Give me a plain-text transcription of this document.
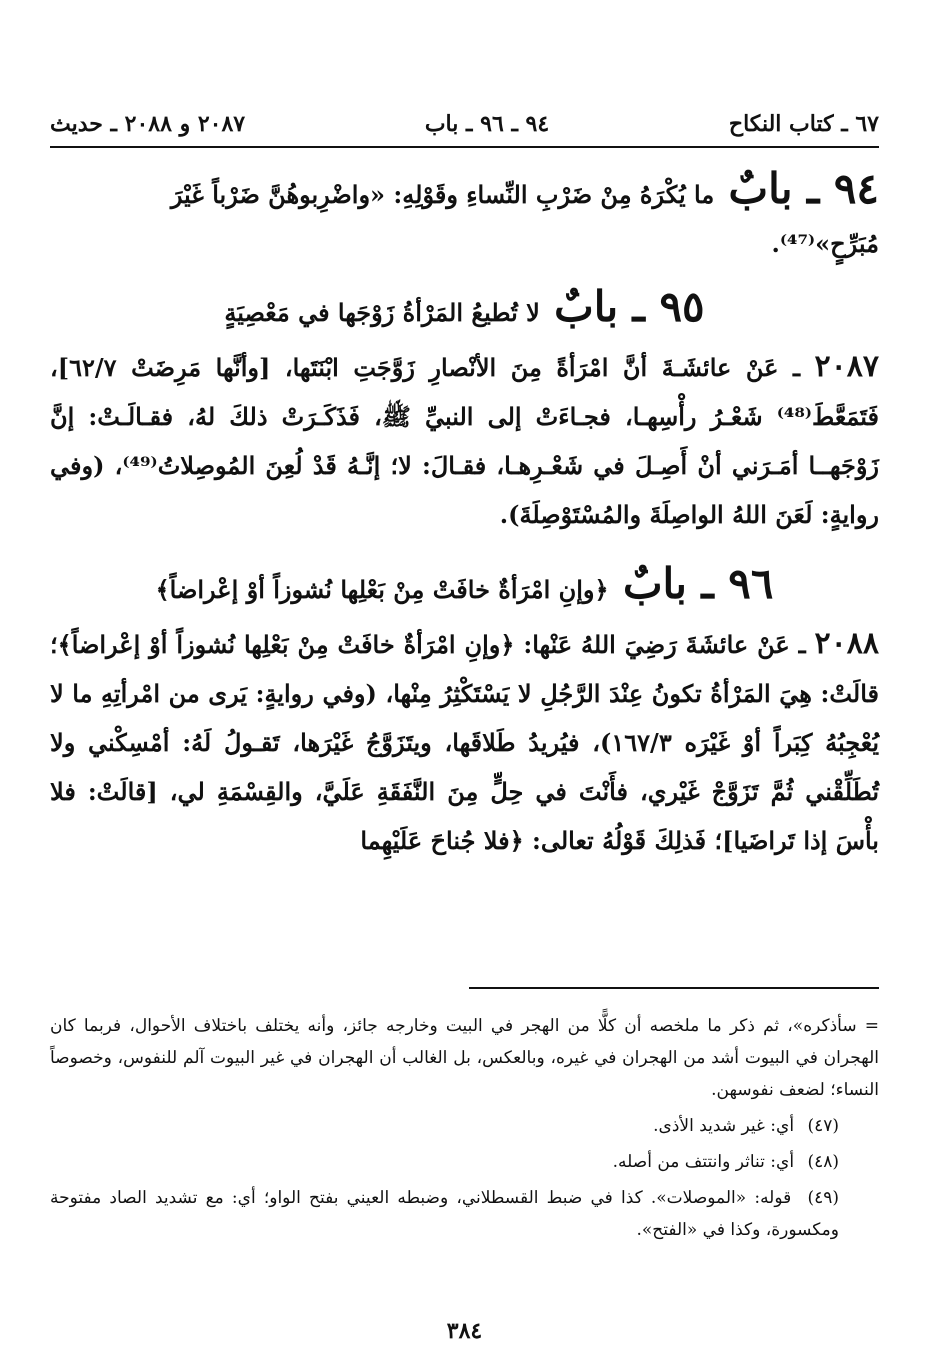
٦٧ ـ كتاب النكاح
٩٤ ـ ٩٦ ـ باب
٢٠٨٧ و ٢٠٨٨ ـ حديث
٩٤ ـ بابٌ ما يُكْرَهُ مِنْ ضَرْبِ النِّساءِ وقَوْلِهِ: «واضْرِبوهُنَّ ضَرْباً غَيْرَ
مُبَرِّحٍ»⁽⁴⁷⁾.
٩٥ ـ بابٌ لا تُطيعُ المَرْأةُ زَوْجَها في مَعْصِيَةٍ

٢٠٨٧ ـ عَنْ عائشَـةَ أنَّ امْرَأةً مِنَ الأنْصارِ زَوَّجَتِ ابْنَتَها، [وأنَّها مَرِضَتْ ٦٢/٧]، فَتَمَعَّطَ⁽⁴⁸⁾ شَعْـرُ رأْسِهـا، فجـاءَتْ إلى النبيِّ ﷺ، فَذَكَـرَتْ ذلكَ لهُ، فقـالَـتْ: إنَّ زَوْجَهــا أمَـرَني أنْ أَصِـلَ في شَعْـرِهـا، فقـالَ: لا؛ إنَّـهُ قَدْ لُعِنَ المُوصِلاتُ⁽⁴⁹⁾، (وفي روايةٍ: لَعَنَ اللهُ الواصِلَةَ والمُسْتَوْصِلَةَ).

٩٦ ـ بابٌ ﴿وإنِ امْرَأةٌ خافَتْ مِنْ بَعْلِها نُشوزاً أوْ إعْراضاً﴾

٢٠٨٨ ـ عَنْ عائشَةَ رَضِيَ اللهُ عَنْها: ﴿وإنِ امْرَأةٌ خافَتْ مِنْ بَعْلِها نُشوزاً أوْ إعْراضاً﴾؛ قالَتْ: هِيَ المَرْأةُ تكونُ عِنْدَ الرَّجُلِ لا يَسْتَكْثِرُ مِنْها، (وفي روايةٍ: يَرى من امْرأتِهِ ما لا يُعْجِبُهُ كِبَراً أوْ غَيْرَه ١٦٧/٣)، فيُريدُ طَلاقَها، ويتَزَوَّجُ غَيْرَها، تَقـولُ لَهُ: أمْسِكْني ولا تُطَلِّقْني ثُمَّ تَزَوَّجْ غَيْري، فأَنْتَ في حِلٍّ مِنَ النَّفَقَةِ عَلَيَّ، والقِسْمَةِ لي، [قالَتْ: فلا بأْسَ إذا تَراضَيا]؛ فَذلِكَ قَوْلُهُ تعالى: ﴿فلا جُناحَ عَلَيْهِما

= سأذكره»، ثم ذكر ما ملخصه أن كلًّا من الهجر في البيت وخارجه جائز، وأنه يختلف باختلاف الأحوال، فربما كان الهجران في البيوت أشد من الهجران في غيره، وبالعكس، بل الغالب أن الهجران في غير البيوت آلم للنفوس، وخصوصاً النساء؛ لضعف نفوسهن.

(٤٧) أي: غير شديد الأذى.

(٤٨) أي: تناثر وانتتف من أصله.

(٤٩) قوله: «الموصلات». كذا في ضبط القسطلاني، وضبطه العيني بفتح الواو؛ أي: مع تشديد الصاد مفتوحة ومكسورة، وكذا في «الفتح».

٣٨٤
